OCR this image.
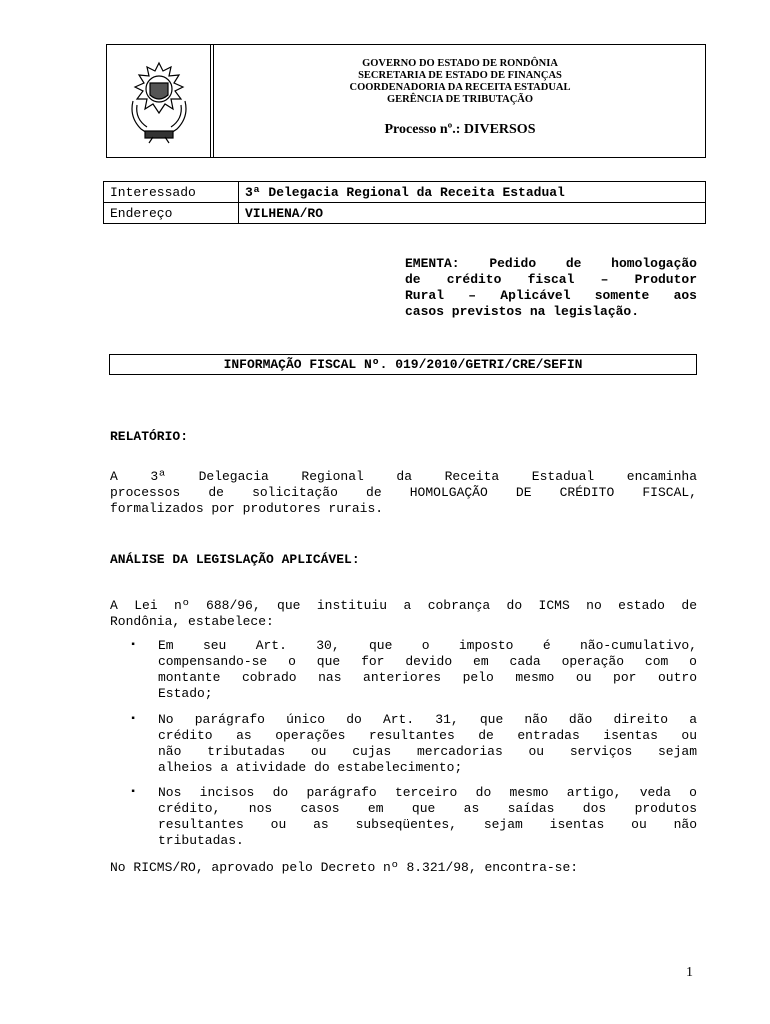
GOVERNO DO ESTADO DE RONDÔNIA
SECRETARIA DE ESTADO DE FINANÇAS
COORDENADORIA DA RECEITA ESTADUAL
GERÊNCIA DE TRIBUTAÇÃO
Processo nº.: DIVERSOS
Interessado	3ª Delegacia Regional da Receita Estadual
Endereço	VILHENA/RO
EMENTA: Pedido de homologação
de crédito fiscal – Produtor
Rural – Aplicável somente aos
casos previstos na legislação.
INFORMAÇÃO FISCAL Nº. 019/2010/GETRI/CRE/SEFIN
RELATÓRIO:
A 3ª Delegacia Regional da Receita Estadual encaminha
processos de solicitação de HOMOLGAÇÃO DE CRÉDITO FISCAL,
formalizados por produtores rurais.
ANÁLISE DA LEGISLAÇÃO APLICÁVEL:
A Lei nº 688/96, que instituiu a cobrança do ICMS no estado de
Rondônia, estabelece:
▪ Em seu Art. 30, que o imposto é não-cumulativo,
compensando-se o que for devido em cada operação com o
montante cobrado nas anteriores pelo mesmo ou por outro
Estado;
▪ No parágrafo único do Art. 31, que não dão direito a
crédito as operações resultantes de entradas isentas ou
não tributadas ou cujas mercadorias ou serviços sejam
alheios a atividade do estabelecimento;
▪ Nos incisos do parágrafo terceiro do mesmo artigo, veda o
crédito, nos casos em que as saídas dos produtos
resultantes ou as subseqüentes, sejam isentas ou não
tributadas.
No RICMS/RO, aprovado pelo Decreto nº 8.321/98, encontra-se:
1
